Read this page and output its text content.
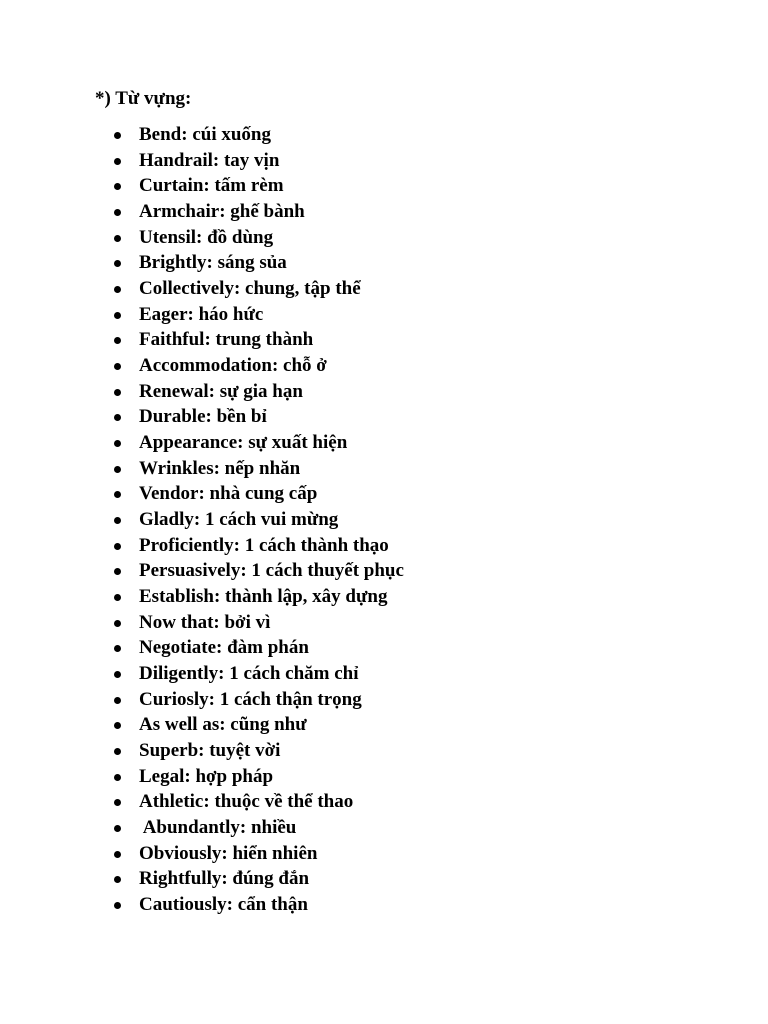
*) Từ vựng:
Bend: cúi xuống
Handrail: tay vịn
Curtain: tấm rèm
Armchair: ghế bành
Utensil: đồ dùng
Brightly: sáng sủa
Collectively: chung, tập thể
Eager: háo hức
Faithful: trung thành
Accommodation: chỗ ở
Renewal: sự gia hạn
Durable: bền bỉ
Appearance: sự xuất hiện
Wrinkles: nếp nhăn
Vendor: nhà cung cấp
Gladly: 1 cách vui mừng
Proficiently: 1 cách thành thạo
Persuasively: 1 cách thuyết phục
Establish: thành lập, xây dựng
Now that: bởi vì
Negotiate: đàm phán
Diligently: 1 cách chăm chỉ
Curiosly: 1 cách thận trọng
As well as: cũng như
Superb: tuyệt vời
Legal: hợp pháp
Athletic: thuộc về thể thao
Abundantly: nhiều
Obviously: hiển nhiên
Rightfully: đúng đắn
Cautiously: cẩn thận
